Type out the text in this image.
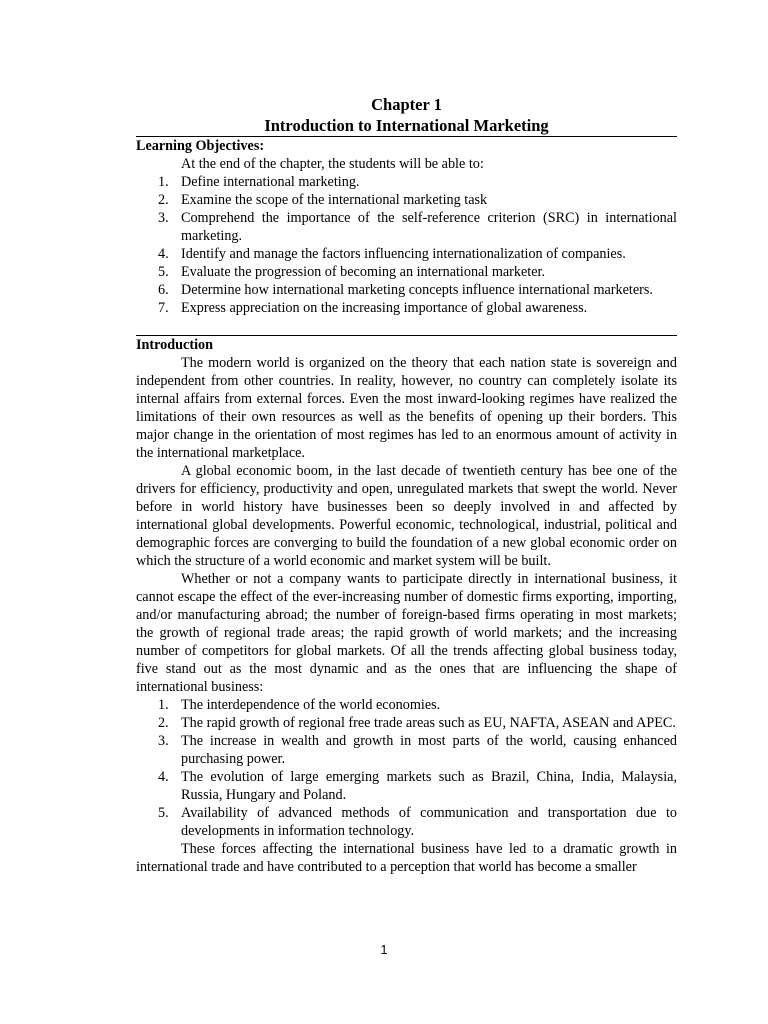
Chapter 1
Introduction to International Marketing
Learning Objectives:
At the end of the chapter, the students will be able to:
1. Define international marketing.
2. Examine the scope of the international marketing task
3. Comprehend the importance of the self-reference criterion (SRC) in international marketing.
4. Identify and manage the factors influencing internationalization of companies.
5. Evaluate the progression of becoming an international marketer.
6. Determine how international marketing concepts influence international marketers.
7. Express appreciation on the increasing importance of global awareness.
Introduction

The modern world is organized on the theory that each nation state is sovereign and independent from other countries. In reality, however, no country can completely isolate its internal affairs from external forces. Even the most inward-looking regimes have realized the limitations of their own resources as well as the benefits of opening up their borders. This major change in the orientation of most regimes has led to an enormous amount of activity in the international marketplace.

A global economic boom, in the last decade of twentieth century has bee one of the drivers for efficiency, productivity and open, unregulated markets that swept the world. Never before in world history have businesses been so deeply involved in and affected by international global developments. Powerful economic, technological, industrial, political and demographic forces are converging to build the foundation of a new global economic order on which the structure of a world economic and market system will be built.

Whether or not a company wants to participate directly in international business, it cannot escape the effect of the ever-increasing number of domestic firms exporting, importing, and/or manufacturing abroad; the number of foreign-based firms operating in most markets; the growth of regional trade areas; the rapid growth of world markets; and the increasing number of competitors for global markets. Of all the trends affecting global business today, five stand out as the most dynamic and as the ones that are influencing the shape of international business:

1. The interdependence of the world economies.
2. The rapid growth of regional free trade areas such as EU, NAFTA, ASEAN and APEC.
3. The increase in wealth and growth in most parts of the world, causing enhanced purchasing power.
4. The evolution of large emerging markets such as Brazil, China, India, Malaysia, Russia, Hungary and Poland.
5. Availability of advanced methods of communication and transportation due to developments in information technology.

These forces affecting the international business have led to a dramatic growth in international trade and have contributed to a perception that world has become a smaller

1
